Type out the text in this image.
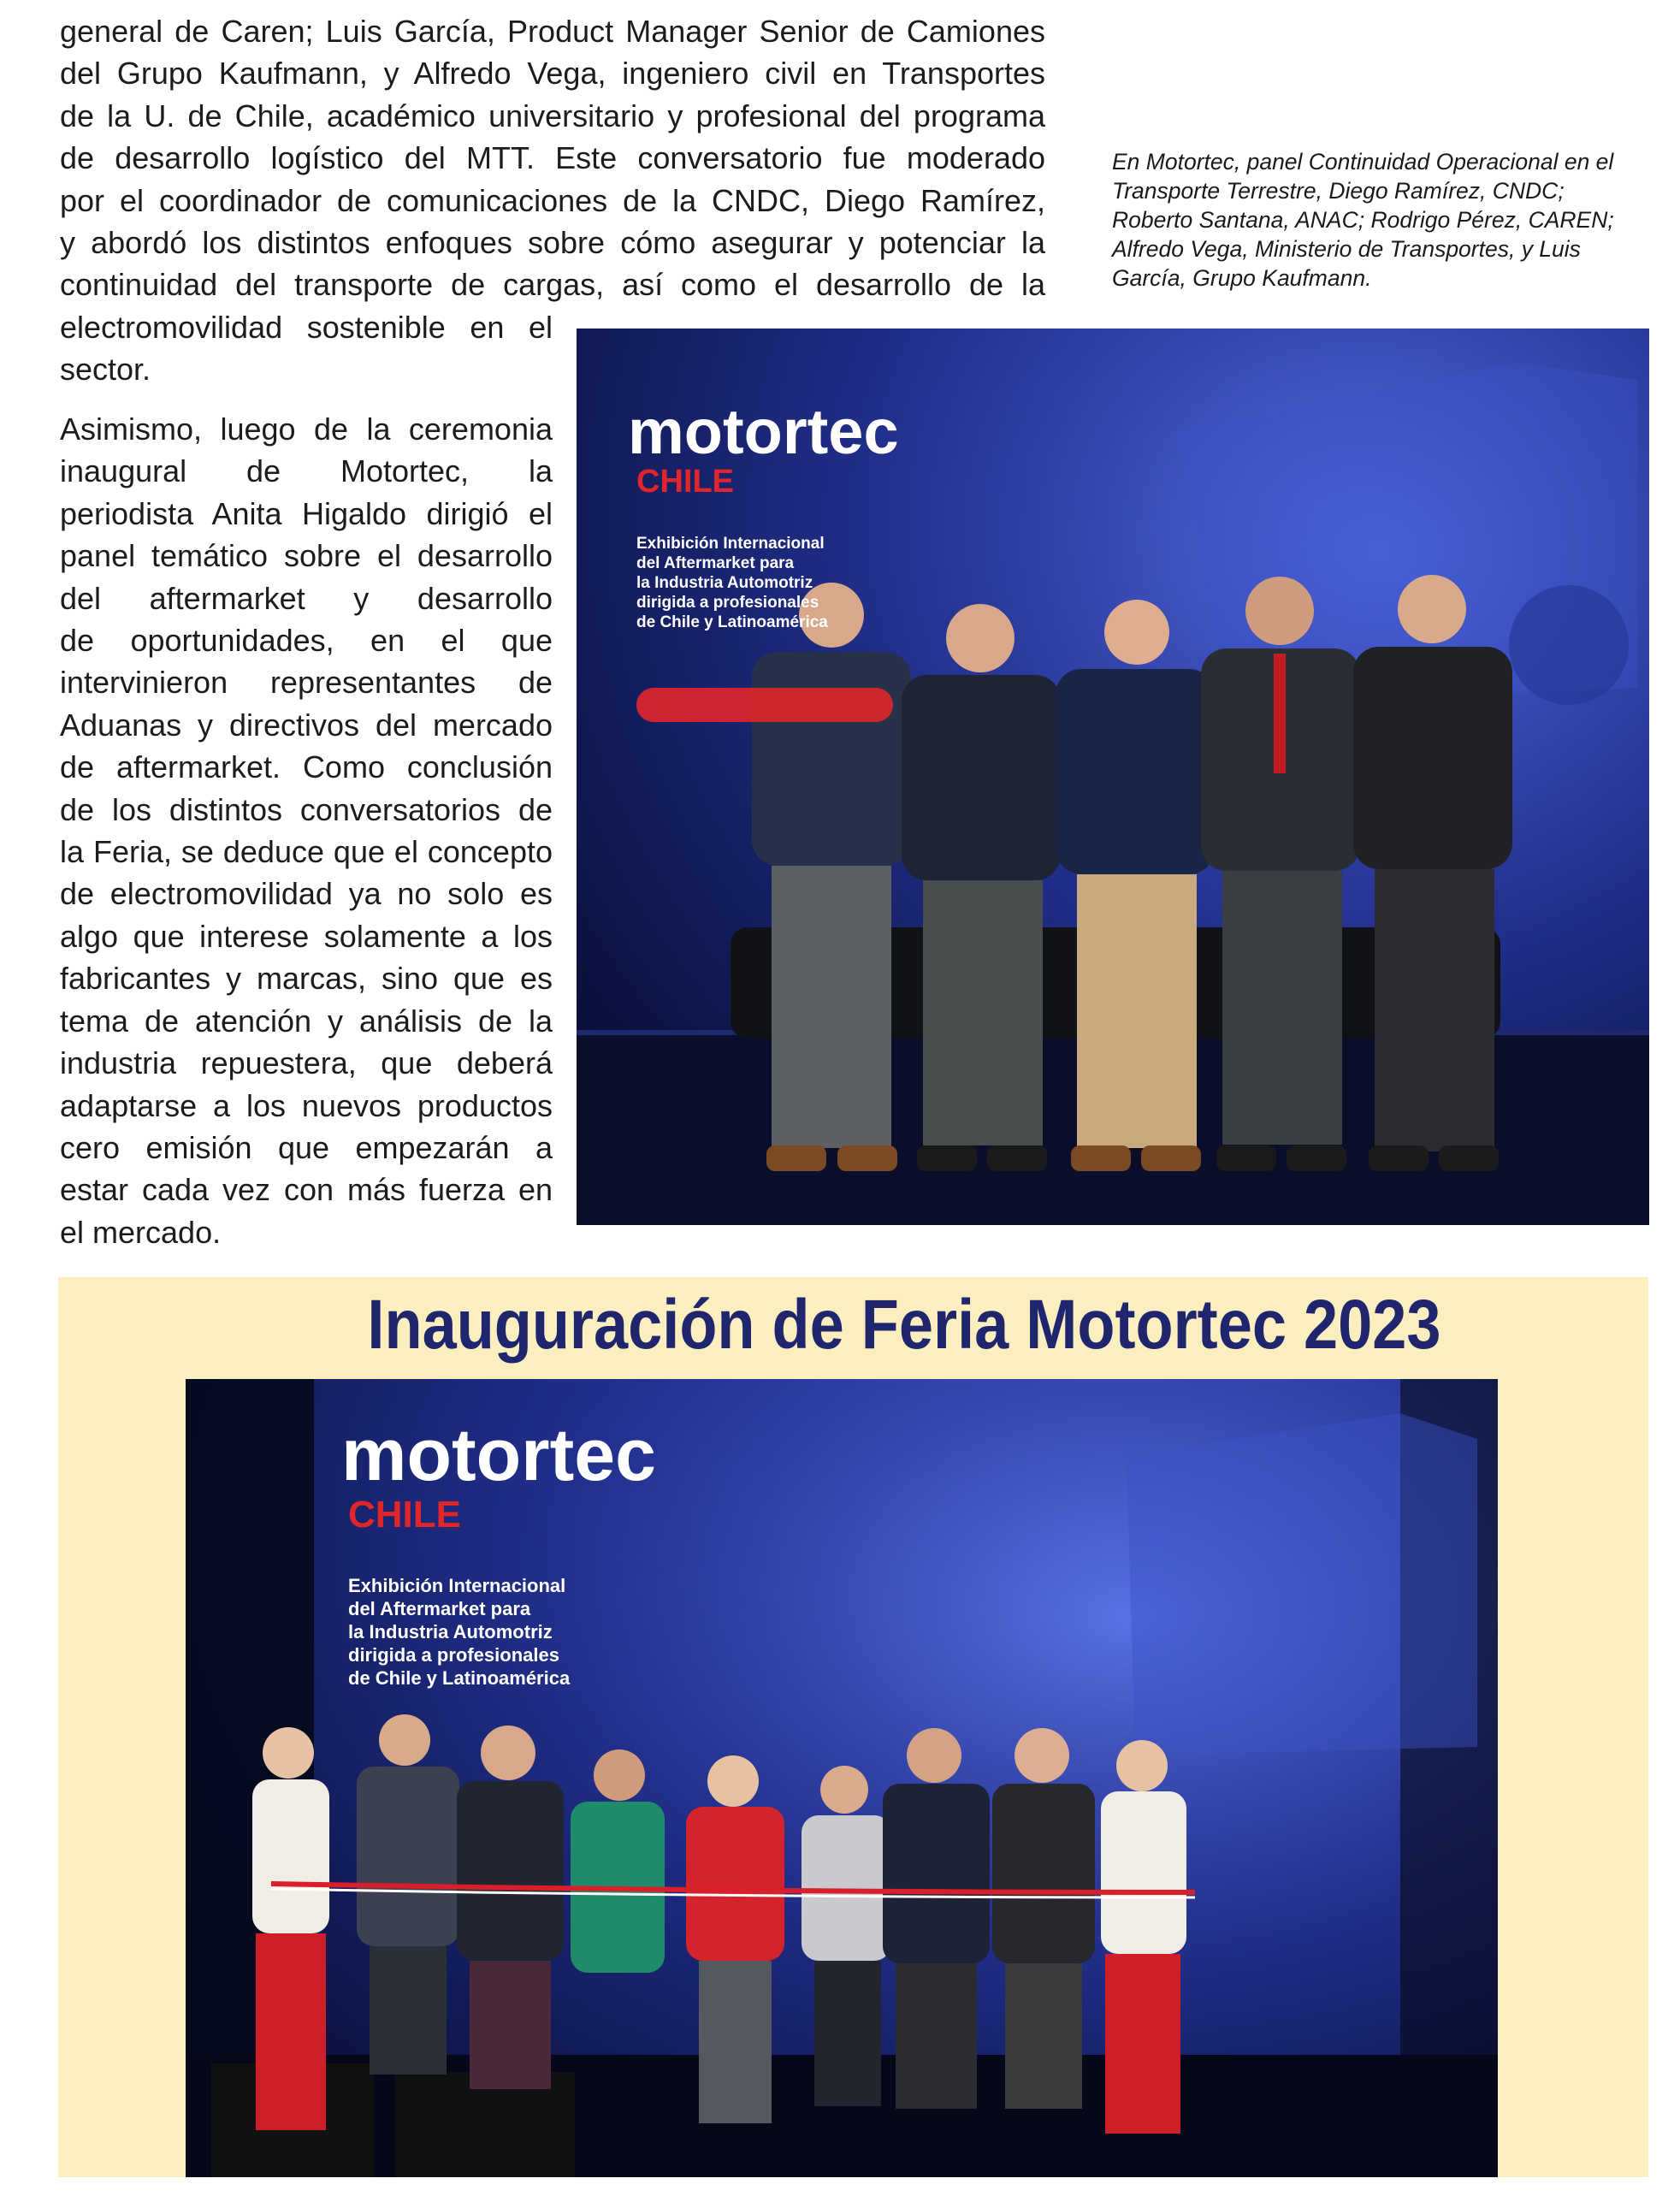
general de Caren; Luis García, Product Manager Senior de Camiones
del Grupo Kaufmann, y Alfredo Vega, ingeniero civil en Transportes
de la U. de Chile, académico universitario y profesional del programa
de desarrollo logístico del MTT. Este conversatorio fue moderado
por el coordinador de comunicaciones de la CNDC, Diego Ramírez,
y abordó los distintos enfoques sobre cómo asegurar y potenciar la
continuidad del transporte de cargas, así como el desarrollo de la
electromovilidad sostenible en el
sector.
Asimismo, luego de la ceremonia
inaugural de Motortec, la
periodista Anita Higaldo dirigió el
panel temático sobre el desarrollo
del aftermarket y desarrollo
de oportunidades, en el que
intervinieron representantes de
Aduanas y directivos del mercado
de aftermarket. Como conclusión
de los distintos conversatorios de
la Feria, se deduce que el concepto
de electromovilidad ya no solo es
algo que interese solamente a los
fabricantes y marcas, sino que es
tema de atención y análisis de la
industria repuestera, que deberá
adaptarse a los nuevos productos
cero emisión que empezarán a
estar cada vez con más fuerza en
el mercado.
En Motortec, panel Continuidad Operacional en el Transporte Terrestre, Diego Ramírez, CNDC; Roberto Santana, ANAC; Rodrigo Pérez, CAREN; Alfredo Vega, Ministerio de Transportes, y Luis García, Grupo Kaufmann.
motortec
CHILE
Exhibición Internacional
del Aftermarket para
la Industria Automotriz
dirigida a profesionales
de Chile y Latinoamérica
Inauguración de Feria Motortec 2023
motortec
CHILE
Exhibición Internacional
del Aftermarket para
la Industria Automotriz
dirigida a profesionales
de Chile y Latinoamérica
